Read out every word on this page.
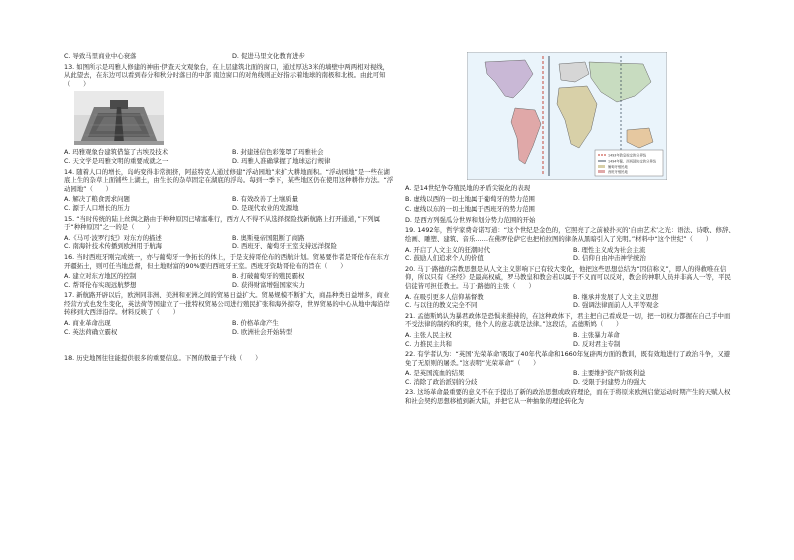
C. 导致马里商业中心衰落	D. 促进马里文化教育进步

13. 如图所示是玛雅人修建的神庙·伊查天文观象台，在上层建筑北面的窗口，通过厚达3米的墙壁中两两相对视线，从此望去，在东边可以看到春分和秋分时落日的中部 南边窗口的对角线则正好指示着地球的南极和北极。由此可知（　　）

A. 玛雅观象台建筑借鉴了古埃及技术	B. 封建迷信色彩笼罩了玛雅社会
C. 天文学是玛雅文明的重要成就之一	D. 玛雅人准确掌握了地球运行规律

14. 随着人口的增长，岛屿变得非常拥挤，阿兹特克人通过修建“浮动园地”来扩大耕地面积。“浮动园地”是一些在湖底上生的杂草上面铺些上湖土，由生长的杂草固定在湖底的浮岛。每到一季下，某些地区仍在使用这种耕作方法。“浮动园地”（　　）

A. 解决了粮食需求问题	B. 有效改善了土壤质量
C. 源于人口增长的压力	D. 是现代农业的发源地

15. “当时传统的陆上丝绸之路由于种种原因已堵塞难行，西方人不得不从选择探险找新航路上打开通道，”下列属于“种种原因”之一的是（　　）

A.《马可·波罗行纪》对东方的描述	B. 奥斯曼帝国阻断了商路
C. 南海针技术传播到欧洲用于航海	D. 西班牙、葡萄牙王室支持远洋探险

16. 当时西班牙刚完成统一，亦与葡萄牙一争拓长的体上，于是支持哥伦布的西航计划。贸易要作者是哥伦布在东方开疆拓土，则可任当地总督，但土地财富的90%要归西班牙王室。西班牙资助哥伦布的旨在（　　）

A. 建立对东方地区的控制	B. 打破葡萄牙的殖民霸权
C. 帮哥伦布实现远航梦想	D. 获得财富增强国家实力

17. 新航路开辟以后，欧洲同非洲、美洲和亚洲之间的贸易日益扩大。贸易规模不断扩大，商品种类日益增多，商业经营方式也发生变化，英法荷等国建立了一批特权贸易公司进行殖民扩张和海外掠夺，世界贸易的中心从地中海沿岸转移到大西洋沿岸。材料反映了（　　）

A. 商业革命出现	B. 价格革命产生
C. 英法荷确立霸权	D. 欧洲社会开始转型

18. 历史地图往往能提供很多的重要信息。下图的数量子午线（　　）

1493年教皇规定的分界线
1494年葡、西两国协定的分界线
葡萄牙殖民地
西班牙殖民地

A. 是14世纪争夺殖民地的矛盾尖锐化的表现

B. 虚线以西的一切土地属于葡萄牙的势力范围

C. 虚线以东的一切土地属于西班牙的势力范围

D. 是西方列强瓜分世界和划分势力范围的开始

19. 1492年，哲学家费奇诺写道：“这个世纪是金色的，它照亮了之前被扑灭的‘自由艺术’之光：语法、诗歌、修辞、绘画、雕塑、建筑、音乐……在佛罗伦萨它也把柏拉图的律条从黑暗引入了光明。”材料中“这个世纪”（　　）

A. 开启了人文主义的狂潮时代	B. 理性主义成为社会主流
C. 鼓励人们追求个人的价值	D. 信仰自由冲击神学统治

20. 马丁·路德的宗教思想是从人文主义影响下已有较大变化，他把这些思想总结为“因信称义”，即人的得救唯在信仰，所以只有《圣经》是最高权威，罗马教皇和教会若以属于不义而可以反对，教会的神职人员并非高人一等，平民信徒皆可担任教士。马丁·路德的主张（　　）

A. 在吸引更多人信仰基督教	B. 继承并发展了人文主义思想
C. 与以往的教义完全不同	D. 强调法律面前人人平等观念

21. 孟德斯鸠认为暴君政体是恐惧来推持的，在这种政体下，君主把自己看成是一切，把一切权力都握在自己手中而不受法律的制约和约束，他个人的意志就是法律。”这段话，孟德斯鸠（　　）

A. 主张人民主权	B. 主张暴力革命
C. 力推民主共和	D. 反对君主专制

22. 有学者认为：“英国‘光荣革命’吸取了40年代革命和1660年复辟两方面的教训，既有效地进行了政治斗争，又避免了无原则的屠杀。”这表明“光荣革命”（　　）

A. 是英国流血的结果	B. 主要维护资产阶级利益
C. 消除了政治派别的分歧	D. 受限于封建势力的强大

23. 这场革命最重要的意义不在于提出了新的政治思想或政府理论，而在于将原来欧洲启蒙运动时期产生的天赋人权和社会契约思想移植到新大陆，并把它从一种抽象的理论转化为
